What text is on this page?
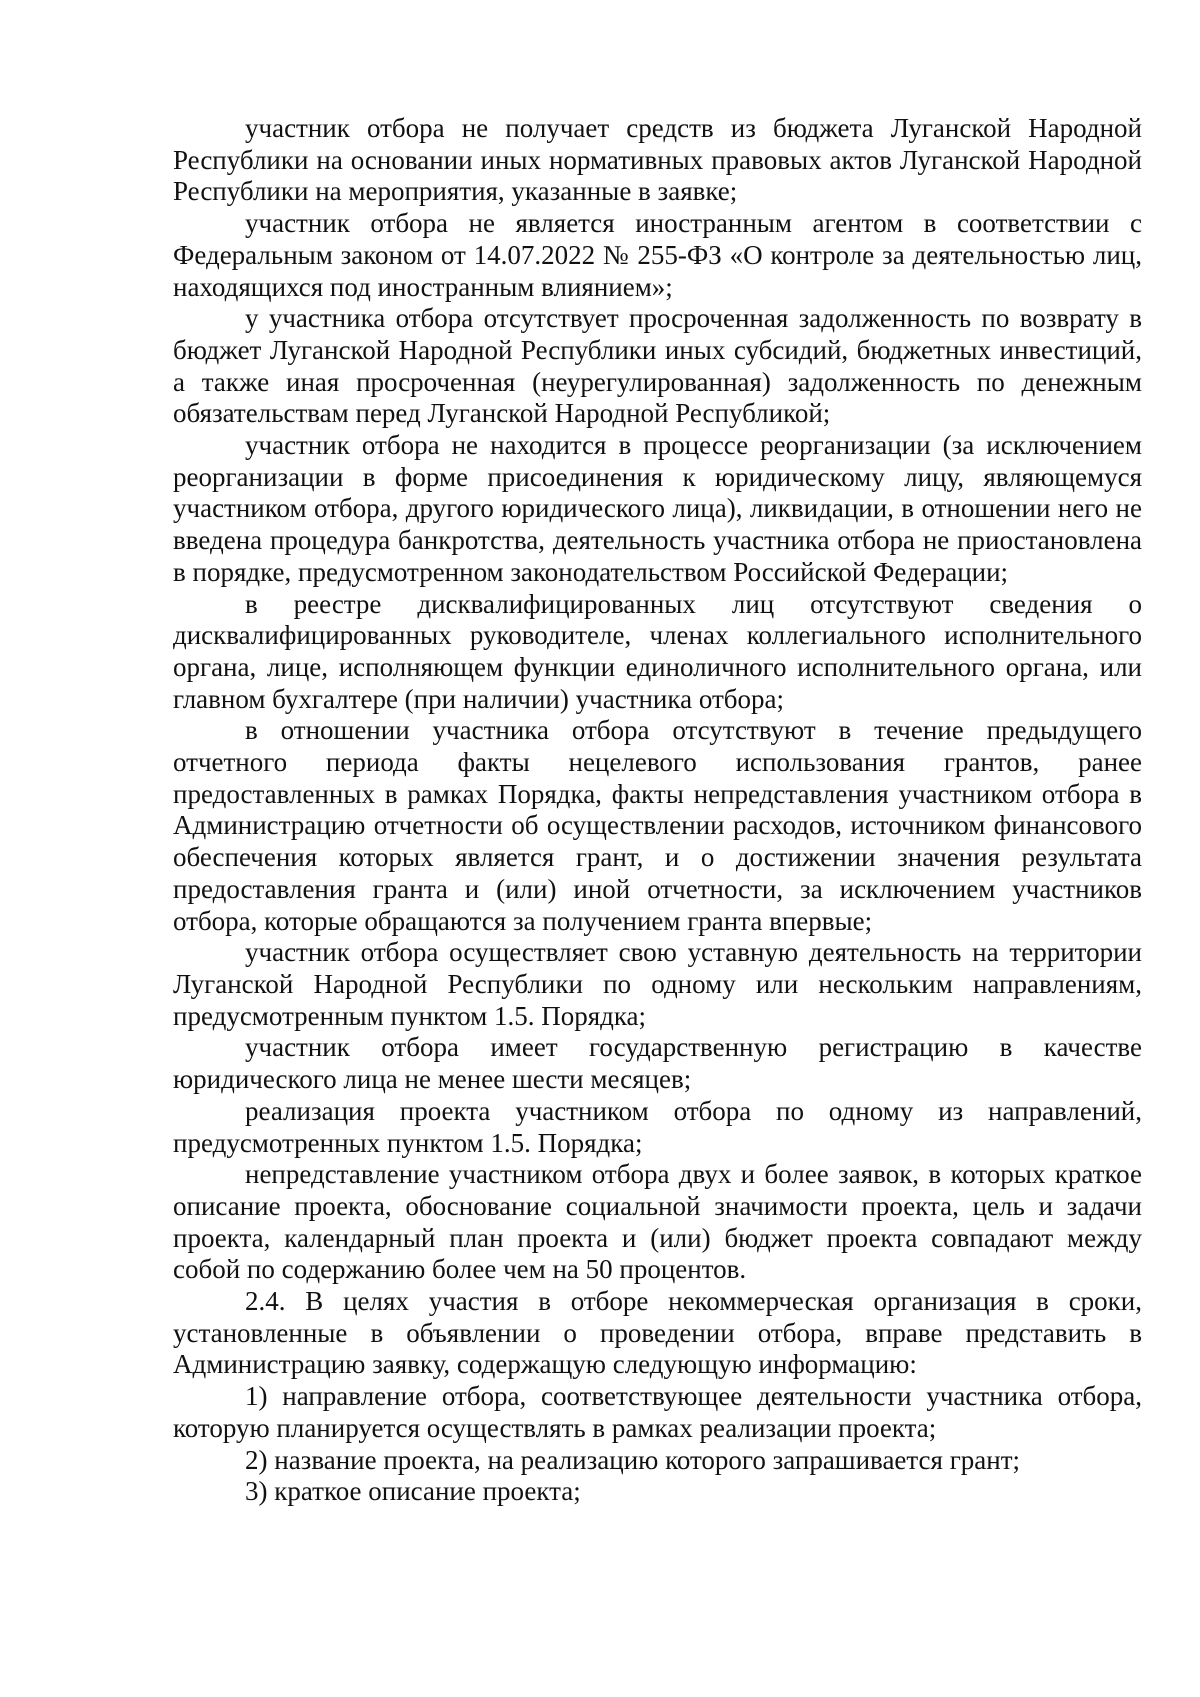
участник отбора не получает средств из бюджета Луганской Народной Республики на основании иных нормативных правовых актов Луганской Народной Республики на мероприятия, указанные в заявке;

участник отбора не является иностранным агентом в соответствии с Федеральным законом от 14.07.2022 № 255-ФЗ «О контроле за деятельностью лиц, находящихся под иностранным влиянием»;

у участника отбора отсутствует просроченная задолженность по возврату в бюджет Луганской Народной Республики иных субсидий, бюджетных инвестиций, а также иная просроченная (неурегулированная) задолженность по денежным обязательствам перед Луганской Народной Республикой;

участник отбора не находится в процессе реорганизации (за исключением реорганизации в форме присоединения к юридическому лицу, являющемуся участником отбора, другого юридического лица), ликвидации, в отношении него не введена процедура банкротства, деятельность участника отбора не приостановлена в порядке, предусмотренном законодательством Российской Федерации;

в реестре дисквалифицированных лиц отсутствуют сведения о дисквалифицированных руководителе, членах коллегиального исполнительного органа, лице, исполняющем функции единоличного исполнительного органа, или главном бухгалтере (при наличии) участника отбора;

в отношении участника отбора отсутствуют в течение предыдущего отчетного периода факты нецелевого использования грантов, ранее предоставленных в рамках Порядка, факты непредставления участником отбора в Администрацию отчетности об осуществлении расходов, источником финансового обеспечения которых является грант, и о достижении значения результата предоставления гранта и (или) иной отчетности, за исключением участников отбора, которые обращаются за получением гранта впервые;

участник отбора осуществляет свою уставную деятельность на территории Луганской Народной Республики по одному или нескольким направлениям, предусмотренным пунктом 1.5. Порядка;

участник отбора имеет государственную регистрацию в качестве юридического лица не менее шести месяцев;

реализация проекта участником отбора по одному из направлений, предусмотренных пунктом 1.5. Порядка;

непредставление участником отбора двух и более заявок, в которых краткое описание проекта, обоснование социальной значимости проекта, цель и задачи проекта, календарный план проекта и (или) бюджет проекта совпадают между собой по содержанию более чем на 50 процентов.

2.4. В целях участия в отборе некоммерческая организация в сроки, установленные в объявлении о проведении отбора, вправе представить в Администрацию заявку, содержащую следующую информацию:

1) направление отбора, соответствующее деятельности участника отбора, которую планируется осуществлять в рамках реализации проекта;

2) название проекта, на реализацию которого запрашивается грант;

3) краткое описание проекта;
